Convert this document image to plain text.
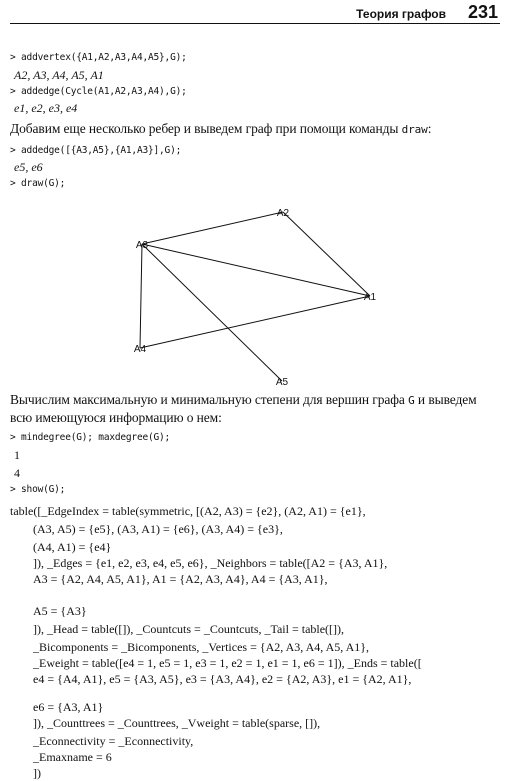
Теория графов 231
> addvertex({A1,A2,A3,A4,A5},G);
A2, A3, A4, A5, A1
> addedge(Cycle(A1,A2,A3,A4),G);
e1, e2, e3, e4
Добавим еще несколько ребер и выведем граф при помощи команды draw:
> addedge([{A3,A5},{A1,A3}],G);
e5, e6
> draw(G);
A1
A2
A3
A4
A5
Вычислим максимальную и минимальную степени для вершин графа G и выведем
всю имеющуюся информацию о нем:
> mindegree(G); maxdegree(G);
1
4
> show(G);
table([_EdgeIndex = table(symmetric, [(A2, A3) = {e2}, (A2, A1) = {e1},
(A3, A5) = {e5}, (A3, A1) = {e6}, (A3, A4) = {e3},
(A4, A1) = {e4}
]), _Edges = {e1, e2, e3, e4, e5, e6}, _Neighbors = table([A2 = {A3, A1},
A3 = {A2, A4, A5, A1}, A1 = {A2, A3, A4}, A4 = {A3, A1},
A5 = {A3}
]), _Head = table([]), _Countcuts = _Countcuts, _Tail = table([]),
_Bicomponents = _Bicomponents, _Vertices = {A2, A3, A4, A5, A1},
_Eweight = table([e4 = 1, e5 = 1, e3 = 1, e2 = 1, e1 = 1, e6 = 1]), _Ends = table([
e4 = {A4, A1}, e5 = {A3, A5}, e3 = {A3, A4}, e2 = {A2, A3}, e1 = {A2, A1},
e6 = {A3, A1}
]), _Counttrees = _Counttrees, _Vweight = table(sparse, []),
_Econnectivity = _Econnectivity,
_Emaxname = 6
])
